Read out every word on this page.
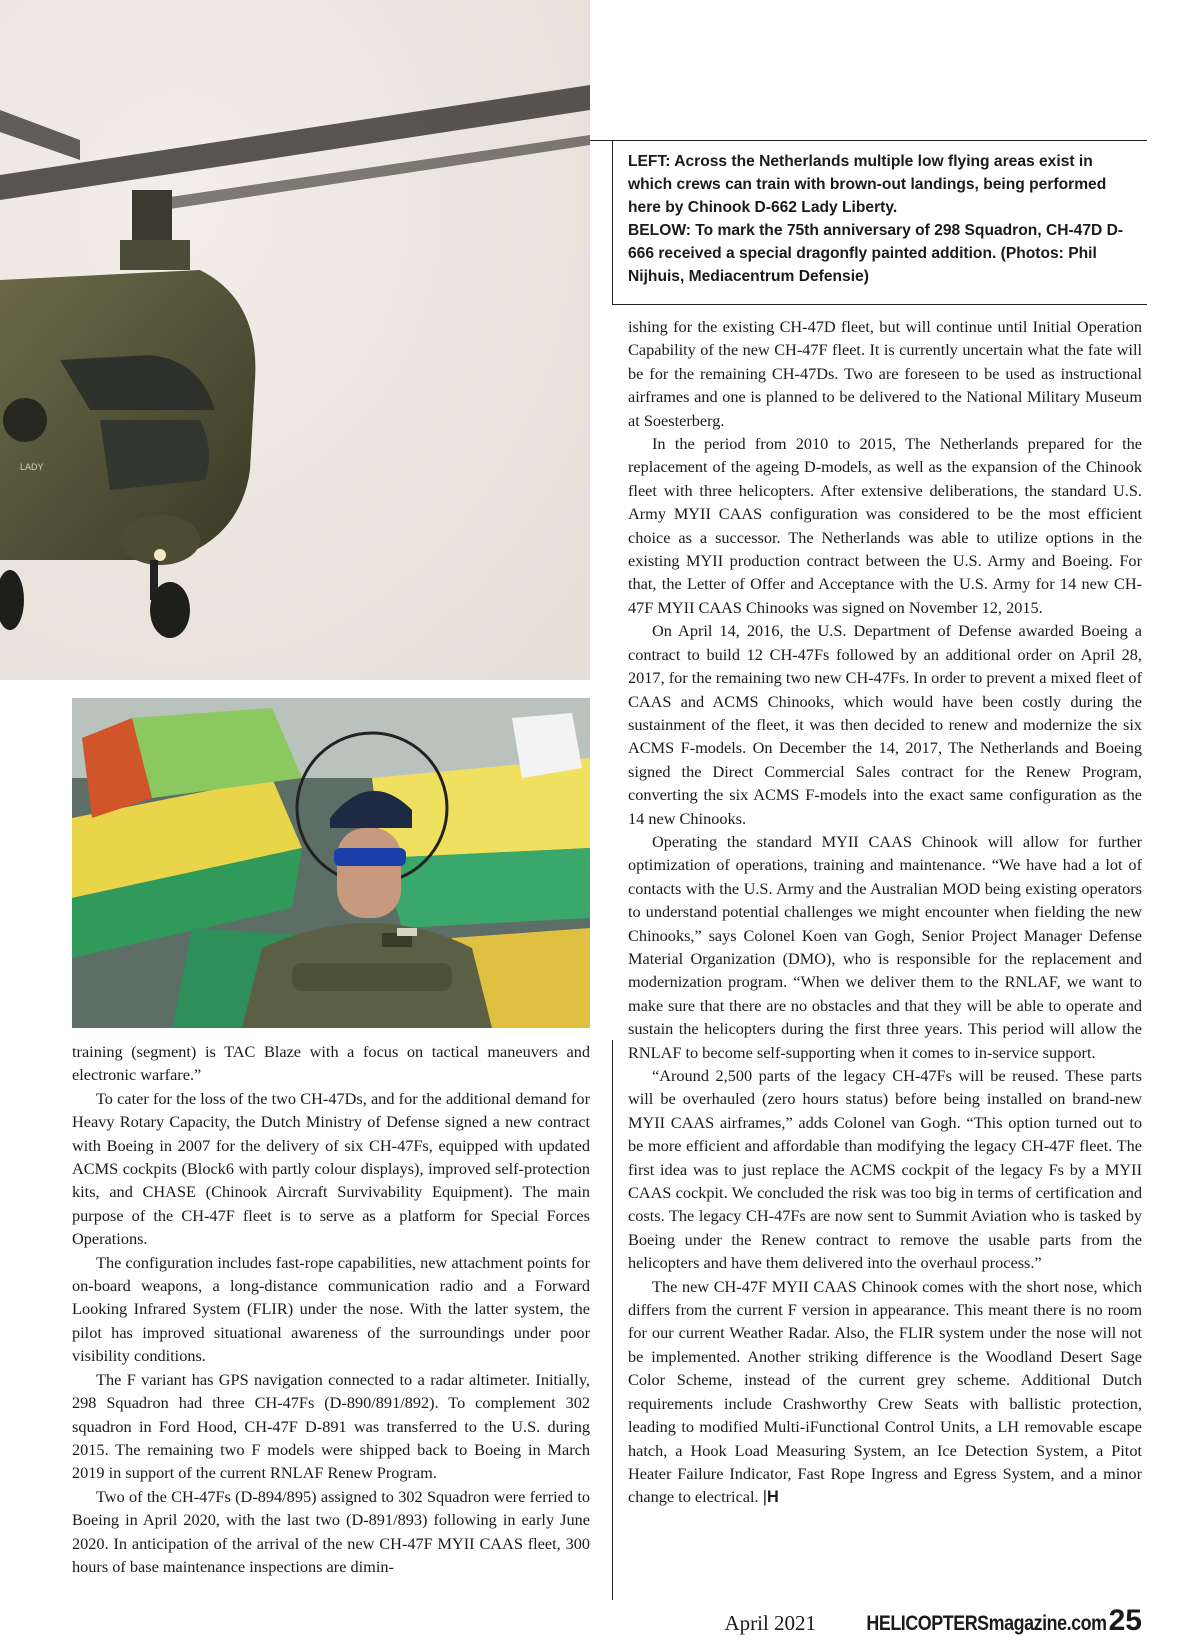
LADY

LEFT: Across the Netherlands multiple low flying areas exist in which crews can train with brown-out landings, being performed here by Chinook D-662 Lady Liberty.

BELOW: To mark the 75th anniversary of 298 Squadron, CH-47D D-666 received a special dragonfly painted addition. (Photos: Phil Nijhuis, Mediacentrum Defensie)

ishing for the existing CH-47D fleet, but will continue until Initial Operation Capability of the new CH-47F fleet. It is currently uncertain what the fate will be for the remaining CH-47Ds. Two are foreseen to be used as instructional airframes and one is planned to be delivered to the National Military Museum at Soesterberg.

In the period from 2010 to 2015, The Netherlands prepared for the replacement of the ageing D-models, as well as the expansion of the Chinook fleet with three helicopters. After extensive deliberations, the standard U.S. Army MYII CAAS configuration was considered to be the most efficient choice as a successor. The Netherlands was able to utilize options in the existing MYII production contract between the U.S. Army and Boeing. For that, the Letter of Offer and Acceptance with the U.S. Army for 14 new CH-47F MYII CAAS Chinooks was signed on November 12, 2015.

On April 14, 2016, the U.S. Department of Defense awarded Boeing a contract to build 12 CH-47Fs followed by an additional order on April 28, 2017, for the remaining two new CH-47Fs. In order to prevent a mixed fleet of CAAS and ACMS Chinooks, which would have been costly during the sustainment of the fleet, it was then decided to renew and modernize the six ACMS F-models. On December the 14, 2017, The Netherlands and Boeing signed the Direct Commercial Sales contract for the Renew Program, converting the six ACMS F-models into the exact same configuration as the 14 new Chinooks.

Operating the standard MYII CAAS Chinook will allow for further optimization of operations, training and maintenance. “We have had a lot of contacts with the U.S. Army and the Australian MOD being existing operators to understand potential challenges we might encounter when fielding the new Chinooks,” says Colonel Koen van Gogh, Senior Project Manager Defense Material Organization (DMO), who is responsible for the replacement and modernization program. “When we deliver them to the RNLAF, we want to make sure that there are no obstacles and that they will be able to operate and sustain the helicopters during the first three years. This period will allow the RNLAF to become self-supporting when it comes to in-service support.

“Around 2,500 parts of the legacy CH-47Fs will be reused. These parts will be overhauled (zero hours status) before being installed on brand-new MYII CAAS airframes,” adds Colonel van Gogh. “This option turned out to be more efficient and affordable than modifying the legacy CH-47F fleet. The first idea was to just replace the ACMS cockpit of the legacy Fs by a MYII CAAS cockpit. We concluded the risk was too big in terms of certification and costs. The legacy CH-47Fs are now sent to Summit Aviation who is tasked by Boeing under the Renew contract to remove the usable parts from the helicopters and have them delivered into the overhaul process.”

The new CH-47F MYII CAAS Chinook comes with the short nose, which differs from the current F version in appearance. This meant there is no room for our current Weather Radar. Also, the FLIR system under the nose will not be implemented. Another striking difference is the Woodland Desert Sage Color Scheme, instead of the current grey scheme. Additional Dutch requirements include Crashworthy Crew Seats with ballistic protection, leading to modified Multi-iFunctional Control Units, a LH removable escape hatch, a Hook Load Measuring System, an Ice Detection System, a Pitot Heater Failure Indicator, Fast Rope Ingress and Egress System, and a minor change to electrical. |H

training (segment) is TAC Blaze with a focus on tactical maneuvers and electronic warfare.”

To cater for the loss of the two CH-47Ds, and for the additional demand for Heavy Rotary Capacity, the Dutch Ministry of Defense signed a new contract with Boeing in 2007 for the delivery of six CH-47Fs, equipped with updated ACMS cockpits (Block6 with partly colour displays), improved self-protection kits, and CHASE (Chinook Aircraft Survivability Equipment). The main purpose of the CH-47F fleet is to serve as a platform for Special Forces Operations.

The configuration includes fast-rope capabilities, new attachment points for on-board weapons, a long-distance communication radio and a Forward Looking Infrared System (FLIR) under the nose. With the latter system, the pilot has improved situational awareness of the surroundings under poor visibility conditions.

The F variant has GPS navigation connected to a radar altimeter. Initially, 298 Squadron had three CH-47Fs (D-890/891/892). To complement 302 squadron in Ford Hood, CH-47F D-891 was transferred to the U.S. during 2015. The remaining two F models were shipped back to Boeing in March 2019 in support of the current RNLAF Renew Program.

Two of the CH-47Fs (D-894/895) assigned to 302 Squadron were ferried to Boeing in April 2020, with the last two (D-891/893) following in early June 2020. In anticipation of the arrival of the new CH-47F MYII CAAS fleet, 300 hours of base maintenance inspections are dimin-

April 2021 HELICOPTERSmagazine.com 25
